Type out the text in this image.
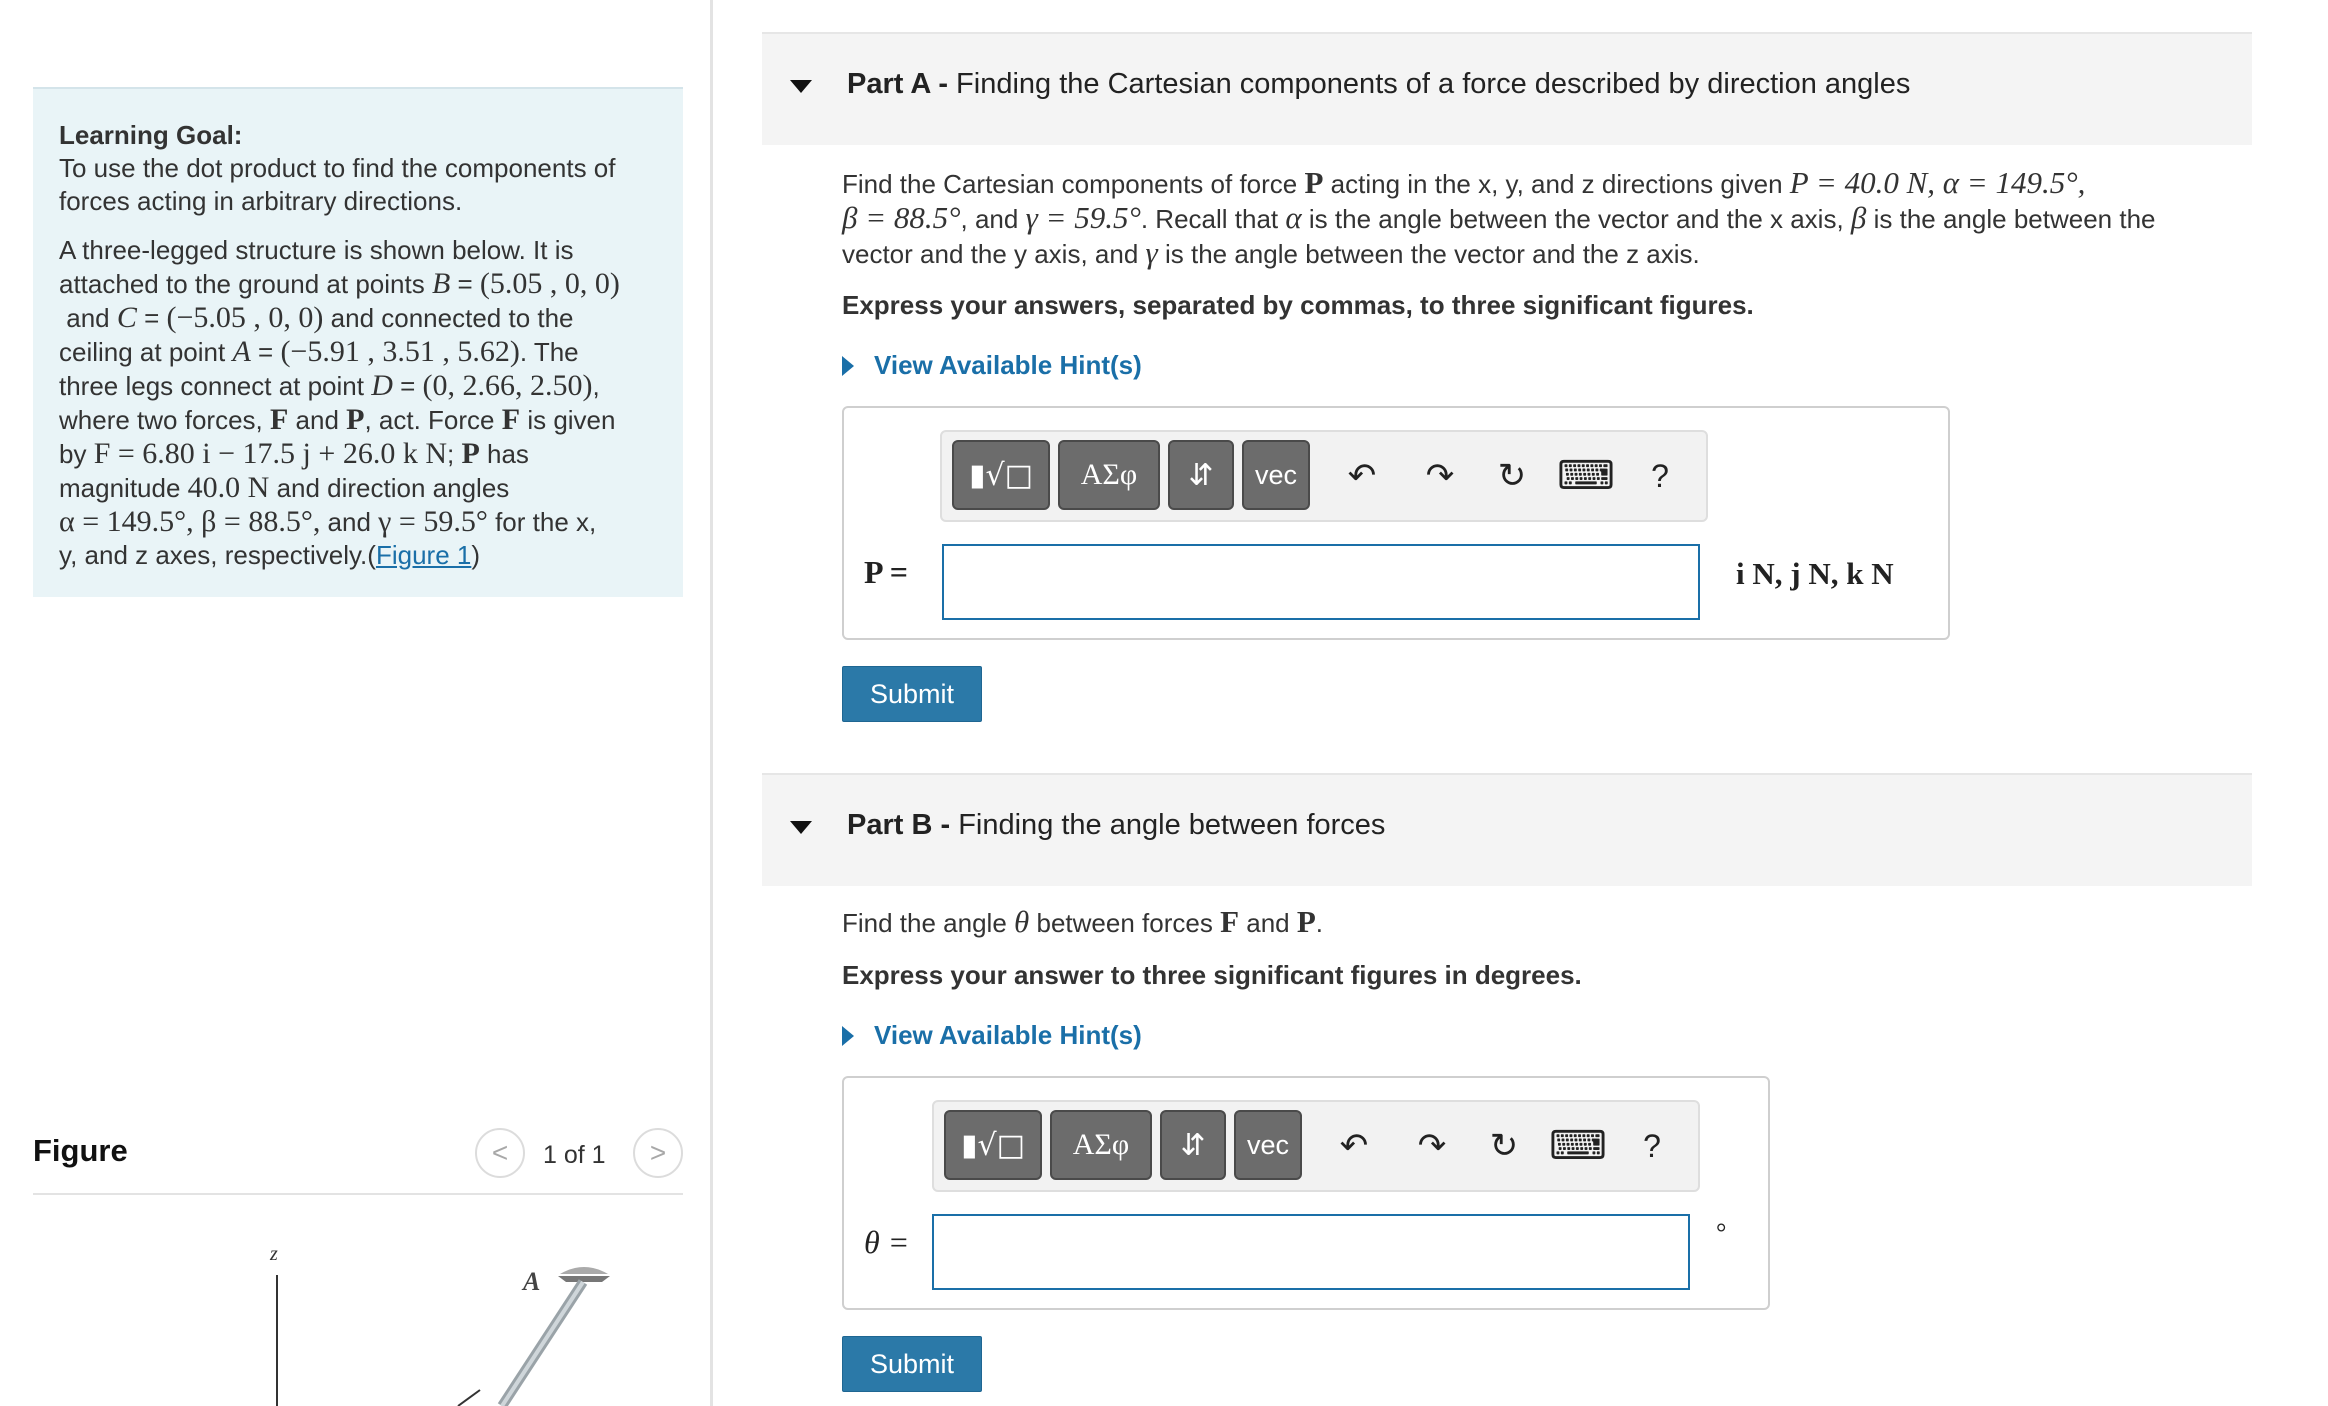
Learning Goal:
To use the dot product to find the components of forces acting in arbitrary directions.
A three-legged structure is shown below. It is
attached to the ground at points B = (5.05 , 0, 0)
and C = (−5.05 , 0, 0) and connected to the
ceiling at point A = (−5.91 , 3.51 , 5.62). The
three legs connect at point D = (0, 2.66, 2.50),
where two forces, F and P, act. Force F is given
by F = 6.80 i − 17.5 j + 26.0 k N; P has
magnitude 40.0 N and direction angles
α = 149.5°, β = 88.5°, and γ = 59.5° for the x,
y, and z axes, respectively.(Figure 1)
Figure	< 1 of 1 >
z
A
Part A - Finding the Cartesian components of a force described by direction angles
Find the Cartesian components of force P acting in the x, y, and z directions given P = 40.0 N, α = 149.5°,
β = 88.5°, and γ = 59.5°. Recall that α is the angle between the vector and the x axis, β is the angle between the
vector and the y axis, and γ is the angle between the vector and the z axis.
Express your answers, separated by commas, to three significant figures.
View Available Hint(s)
▮√□	ΑΣφ	⇵	vec	↶	↷	↻ ⌨	?
P =	i N, j N, k N
Submit
Part B - Finding the angle between forces
Find the angle θ between forces F and P.
Express your answer to three significant figures in degrees.
View Available Hint(s)
▮√□	ΑΣφ	⇵	vec	↶	↷	↻ ⌨	?
θ =	°
Submit
